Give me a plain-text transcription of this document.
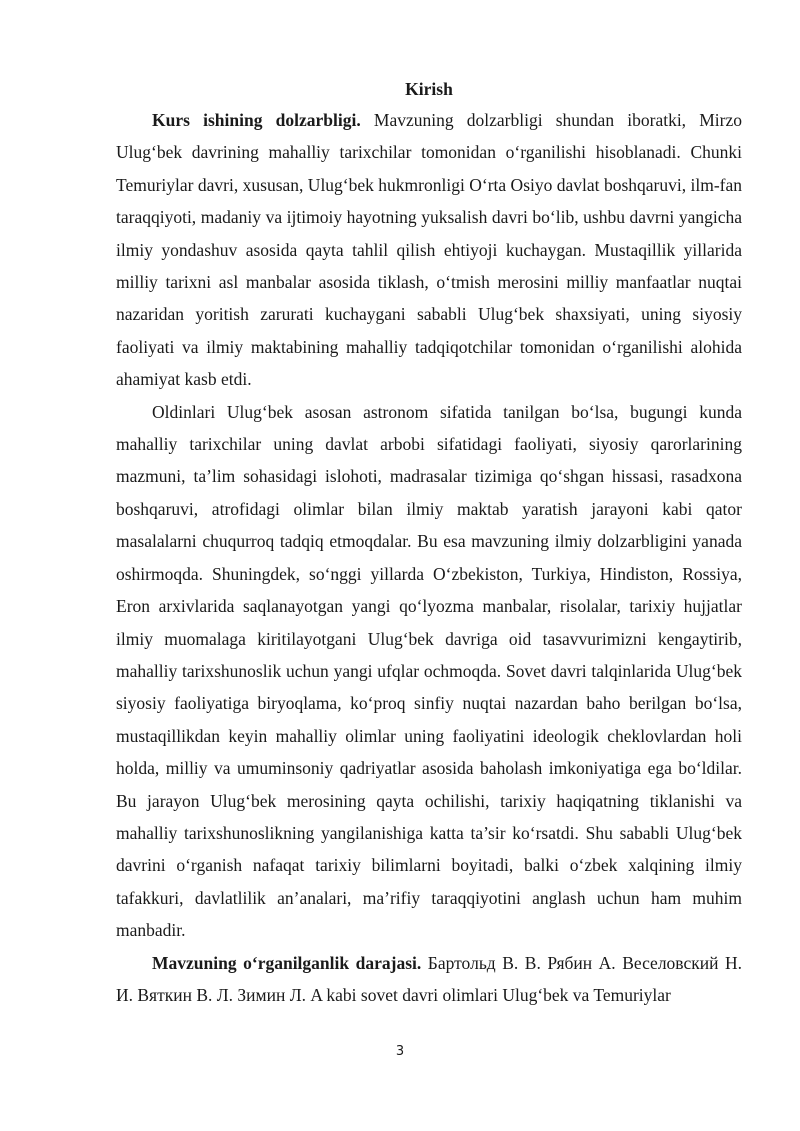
Kirish

Kurs ishining dolzarbligi. Mavzuning dolzarbligi shundan iboratki, Mirzo Ulug‘bek davrining mahalliy tarixchilar tomonidan o‘rganilishi hisoblanadi. Chunki Temuriylar davri, xususan, Ulug‘bek hukmronligi O‘rta Osiyo davlat boshqaruvi, ilm-fan taraqqiyoti, madaniy va ijtimoiy hayotning yuksalish davri bo‘lib, ushbu davrni yangicha ilmiy yondashuv asosida qayta tahlil qilish ehtiyoji kuchaygan. Mustaqillik yillarida milliy tarixni asl manbalar asosida tiklash, o‘tmish merosini milliy manfaatlar nuqtai nazaridan yoritish zarurati kuchaygani sababli Ulug‘bek shaxsiyati, uning siyosiy faoliyati va ilmiy maktabining mahalliy tadqiqotchilar tomonidan o‘rganilishi alohida ahamiyat kasb etdi.

Oldinlari Ulug‘bek asosan astronom sifatida tanilgan bo‘lsa, bugungi kunda mahalliy tarixchilar uning davlat arbobi sifatidagi faoliyati, siyosiy qarorlarining mazmuni, ta’lim sohasidagi islohoti, madrasalar tizimiga qo‘shgan hissasi, rasadxona boshqaruvi, atrofidagi olimlar bilan ilmiy maktab yaratish jarayoni kabi qator masalalarni chuqurroq tadqiq etmoqdalar. Bu esa mavzuning ilmiy dolzarbligini yanada oshirmoqda. Shuningdek, so‘nggi yillarda O‘zbekiston, Turkiya, Hindiston, Rossiya, Eron arxivlarida saqlanayotgan yangi qo‘lyozma manbalar, risolalar, tarixiy hujjatlar ilmiy muomalaga kiritilayotgani Ulug‘bek davriga oid tasavvurimizni kengaytirib, mahalliy tarixshunoslik uchun yangi ufqlar ochmoqda. Sovet davri talqinlarida Ulug‘bek siyosiy faoliyatiga biryoqlama, ko‘proq sinfiy nuqtai nazardan baho berilgan bo‘lsa, mustaqillikdan keyin mahalliy olimlar uning faoliyatini ideologik cheklovlardan holi holda, milliy va umuminsoniy qadriyatlar asosida baholash imkoniyatiga ega bo‘ldilar. Bu jarayon Ulug‘bek merosining qayta ochilishi, tarixiy haqiqatning tiklanishi va mahalliy tarixshunoslikning yangilanishiga katta ta’sir ko‘rsatdi. Shu sababli Ulug‘bek davrini o‘rganish nafaqat tarixiy bilimlarni boyitadi, balki o‘zbek xalqining ilmiy tafakkuri, davlatlilik an’analari, ma’rifiy taraqqiyotini anglash uchun ham muhim manbadir.

Mavzuning o‘rganilganlik darajasi. Бартольд В. В. Рябин А. Веселовский Н. И. Вяткин В. Л. Зимин Л. A kabi sovet davri olimlari Ulug‘bek va Temuriylar

3
